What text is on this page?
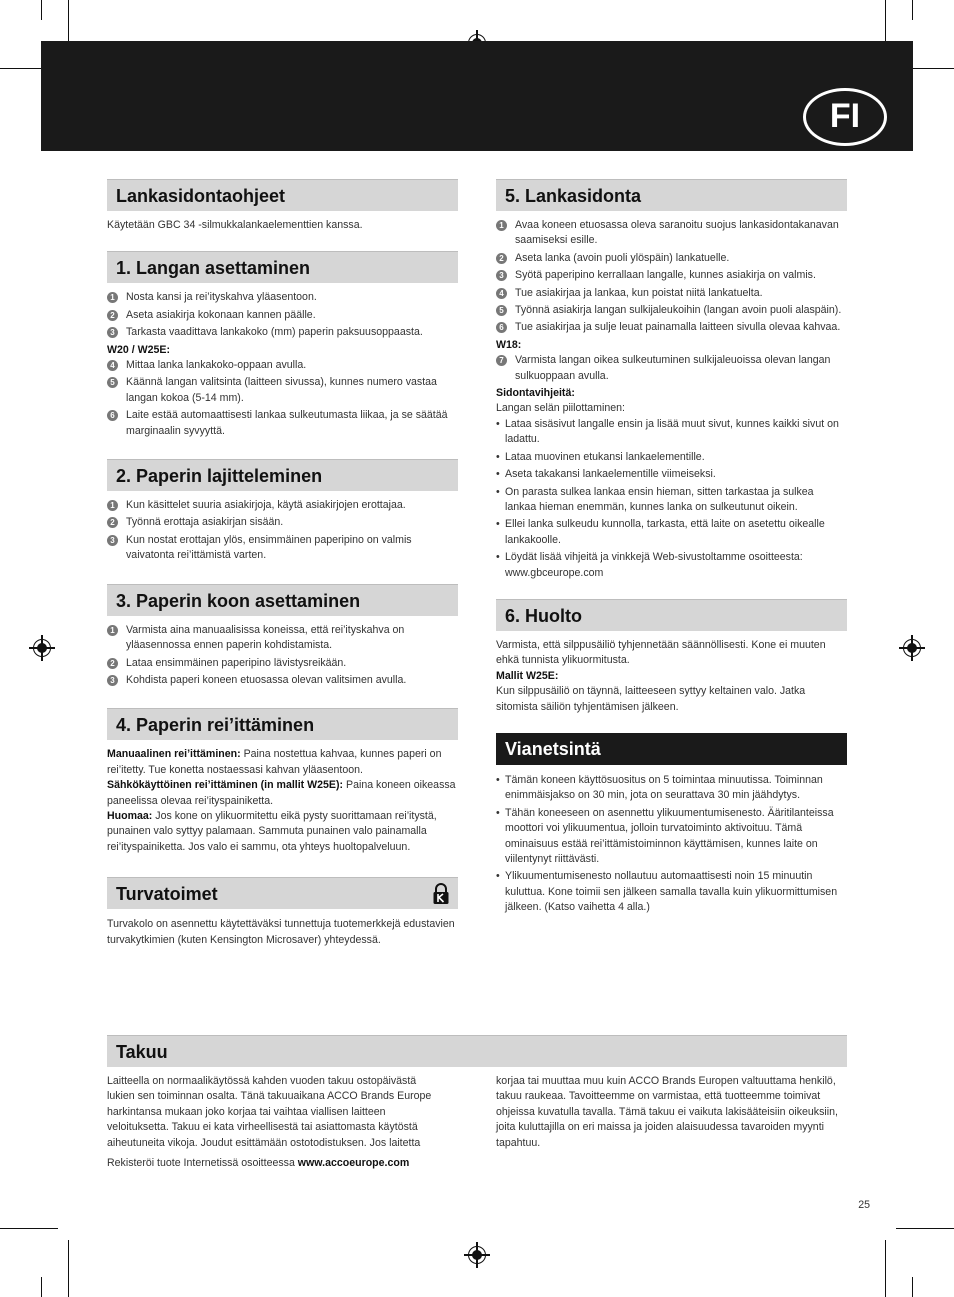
FI
Lankasidontaohjeet

Käytetään GBC 34 -silmukkalankaelementtien kanssa.

1. Langan asettaminen
1	Nosta kansi ja rei’ityskahva yläasentoon.
2	Aseta asiakirja kokonaan kannen päälle.
3	Tarkasta vaadittava lankakoko (mm) paperin paksuusoppaasta.
W20 / W25E:
4	Mittaa lanka lankakoko-oppaan avulla.
5	Käännä langan valitsinta (laitteen sivussa), kunnes numero vastaa langan kokoa (5-14 mm).
6	Laite estää automaattisesti lankaa sulkeutumasta liikaa, ja se säätää marginaalin syvyyttä.
2. Paperin lajitteleminen
1	Kun käsittelet suuria asiakirjoja, käytä asiakirjojen erottajaa.
2	Työnnä erottaja asiakirjan sisään.
3	Kun nostat erottajan ylös, ensimmäinen paperipino on valmis vaivatonta rei’ittämistä varten.
3. Paperin koon asettaminen
1	Varmista aina manuaalisissa koneissa, että rei’ityskahva on yläasennossa ennen paperin kohdistamista.
2	Lataa ensimmäinen paperipino lävistysreikään.
3	Kohdista paperi koneen etuosassa olevan valitsimen avulla.
4. Paperin rei’ittäminen

Manuaalinen rei’ittäminen: Paina nostettua kahvaa, kunnes paperi on rei’itetty. Tue konetta nostaessasi kahvan yläasentoon.

Sähkökäyttöinen rei’ittäminen (in mallit W25E): Paina koneen oikeassa paneelissa olevaa rei’ityspainiketta.

Huomaa: Jos kone on ylikuormitettu eikä pysty suorittamaan rei’itystä, punainen valo syttyy palamaan. Sammuta punainen valo painamalla rei’ityspainiketta. Jos valo ei sammu, ota yhteys huoltopalveluun.

Turvatoimet

Turvakolo on asennettu käytettäväksi tunnettuja tuotemerkkejä edustavien turvakytkimien (kuten Kensington Microsaver) yhteydessä.

5. Lankasidonta
1	Avaa koneen etuosassa oleva saranoitu suojus lankasidontakanavan saamiseksi esille.
2	Aseta lanka (avoin puoli ylöspäin) lankatuelle.
3	Syötä paperipino kerrallaan langalle, kunnes asiakirja on valmis.
4	Tue asiakirjaa ja lankaa, kun poistat niitä lankatuelta.
5	Työnnä asiakirja langan sulkijaleukoihin (langan avoin puoli alaspäin).
6	Tue asiakirjaa ja sulje leuat painamalla laitteen sivulla olevaa kahvaa.
W18:
7	Varmista langan oikea sulkeutuminen sulkijaleuoissa olevan langan sulkuoppaan avulla.
Sidontavihjeitä:

Langan selän piilottaminen:

• Lataa sisäsivut langalle ensin ja lisää muut sivut, kunnes kaikki sivut on ladattu.
• Lataa muovinen etukansi lankaelementille.
• Aseta takakansi lankaelementille viimeiseksi.
• On parasta sulkea lankaa ensin hieman, sitten tarkastaa ja sulkea lankaa hieman enemmän, kunnes lanka on sulkeutunut oikein.
• Ellei lanka sulkeudu kunnolla, tarkasta, että laite on asetettu oikealle lankakoolle.
• Löydät lisää vihjeitä ja vinkkejä Web-sivustoltamme osoitteesta: www.gbceurope.com
6. Huolto

Varmista, että silppusäiliö tyhjennetään säännöllisesti. Kone ei muuten ehkä tunnista ylikuormitusta.

Mallit W25E:

Kun silppusäiliö on täynnä, laitteeseen syttyy keltainen valo. Jatka sitomista säiliön tyhjentämisen jälkeen.

Vianetsintä
• Tämän koneen käyttösuositus on 5 toimintaa minuutissa. Toiminnan enimmäisjakso on 30 min, jota on seurattava 30 min jäähdytys.
• Tähän koneeseen on asennettu ylikuumentumisenesto. Ääritilanteissa moottori voi ylikuumentua, jolloin turvatoiminto aktivoituu. Tämä ominaisuus estää rei’ittämistoiminnon käyttämisen, kunnes laite on viilentynyt riittävästi.
• Ylikuumentumisenesto nollautuu automaattisesti noin 15 minuutin kuluttua. Kone toimii sen jälkeen samalla tavalla kuin ylikuormittumisen jälkeen. (Katso vaihetta 4 alla.)
Takuu

Laitteella on normaalikäytössä kahden vuoden takuu ostopäivästä lukien sen toiminnan osalta. Tänä takuuaikana ACCO Brands Europe harkintansa mukaan joko korjaa tai vaihtaa viallisen laitteen veloituksetta. Takuu ei kata virheellisestä tai asiattomasta käytöstä aiheutuneita vikoja. Joudut esittämään ostotodistuksen. Jos laitetta

Rekisteröi tuote Internetissä osoitteessa www.accoeurope.com

korjaa tai muuttaa muu kuin ACCO Brands Europen valtuuttama henkilö, takuu raukeaa. Tavoitteemme on varmistaa, että tuotteemme toimivat ohjeissa kuvatulla tavalla. Tämä takuu ei vaikuta lakisääteisiin oikeuksiin, joita kuluttajilla on eri maissa ja joiden alaisuudessa tavaroiden myynti tapahtuu.

25
